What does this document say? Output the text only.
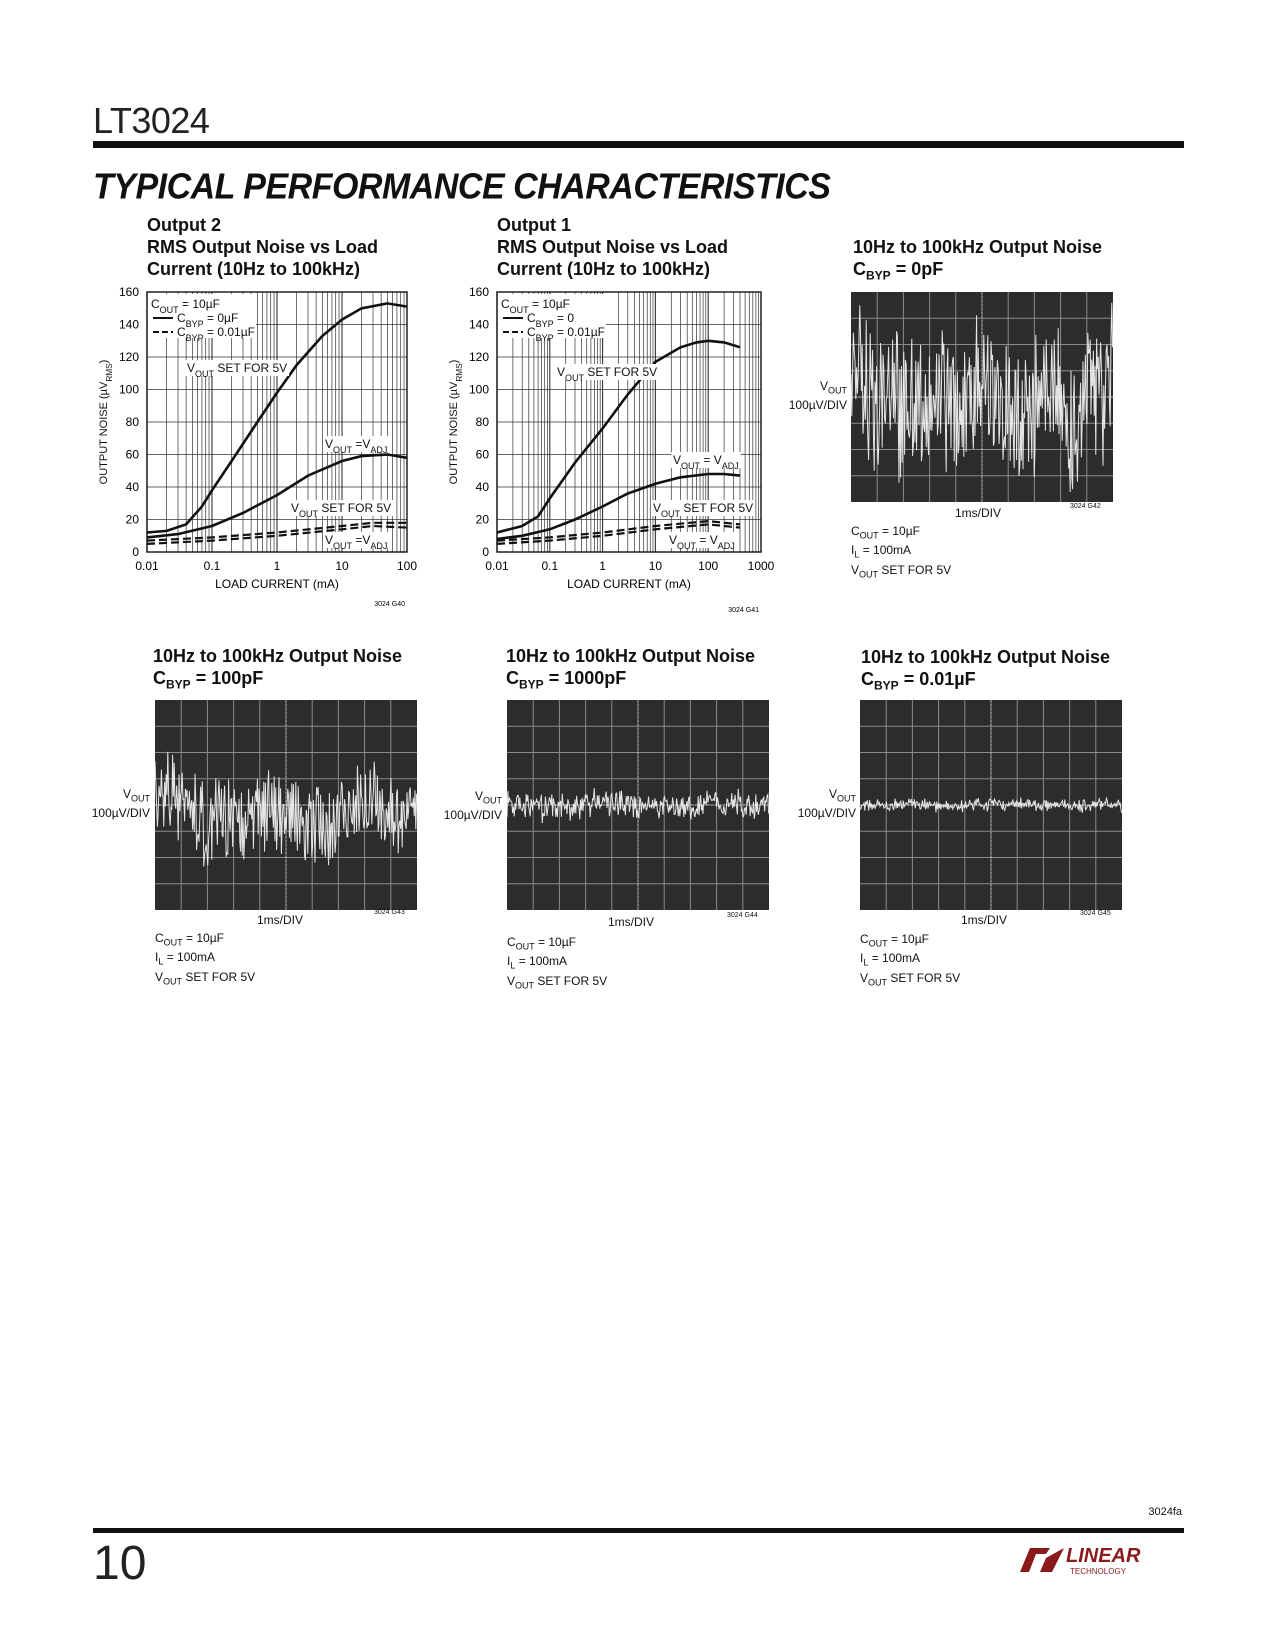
LT3024
TYPICAL PERFORMANCE CHARACTERISTICS
Output 2
RMS Output Noise vs Load
Current (10Hz to 100kHz)
0
20
40
60
80
100
120
140
160
0.01	0.1	1	10	100
$C_{OUT} = 10\mu F$
$C_{BYP} = 0\mu F$
$C_{BYP} = 0.01\mu F$
$V_{OUT}$ SET FOR 5V
$V_{OUT} =V_{ADJ}$
$V_{OUT}$ SET FOR 5V
$V_{OUT} =V_{ADJ}$
LOAD CURRENT (mA)
OUTPUT NOISE (µV$_{RMS}$)
3024 G40
Output 1
RMS Output Noise vs Load
Current (10Hz to 100kHz)
0
20
40
60
80
100
120
140
160
0.01	0.1	1	10	100 1000
$C_{OUT} = 10\mu F$
$C_{BYP} = 0$
$C_{BYP} = 0.01\mu F$
$V_{OUT}$ SET FOR 5V
$V_{OUT} = V_{ADJ}$
$V_{OUT}$ SET FOR 5V
$V_{OUT} = V_{ADJ}$
LOAD CURRENT (mA)
OUTPUT NOISE (µV$_{RMS}$)
3024 G41
10Hz to 100kHz Output Noise
$C_{BYP} = 0pF$
$V_{OUT}$
100µV/DIV
1ms/DIV	3024 G42
$C_{OUT} = 10\mu F$
$I_L = 100mA$
$V_{OUT}$ SET FOR 5V
10Hz to 100kHz Output Noise
$C_{BYP} = 100pF$
$V_{OUT}$
100µV/DIV
1ms/DIV
3024 G43
$C_{OUT} = 10\mu F$
$I_L = 100mA$
$V_{OUT}$ SET FOR 5V
10Hz to 100kHz Output Noise
$C_{BYP} = 1000pF$
$V_{OUT}$
100µV/DIV
1ms/DIV	3024 G44
$C_{OUT} = 10\mu F$
$I_L = 100mA$
$V_{OUT}$ SET FOR 5V
10Hz to 100kHz Output Noise
$C_{BYP} = 0.01\mu F$
$V_{OUT}$
100µV/DIV
1ms/DIV	3024 G45
$C_{OUT} = 10\mu F$
$I_L = 100mA$
$V_{OUT}$ SET FOR 5V
3024fa
10	LINEAR
TECHNOLOGY
